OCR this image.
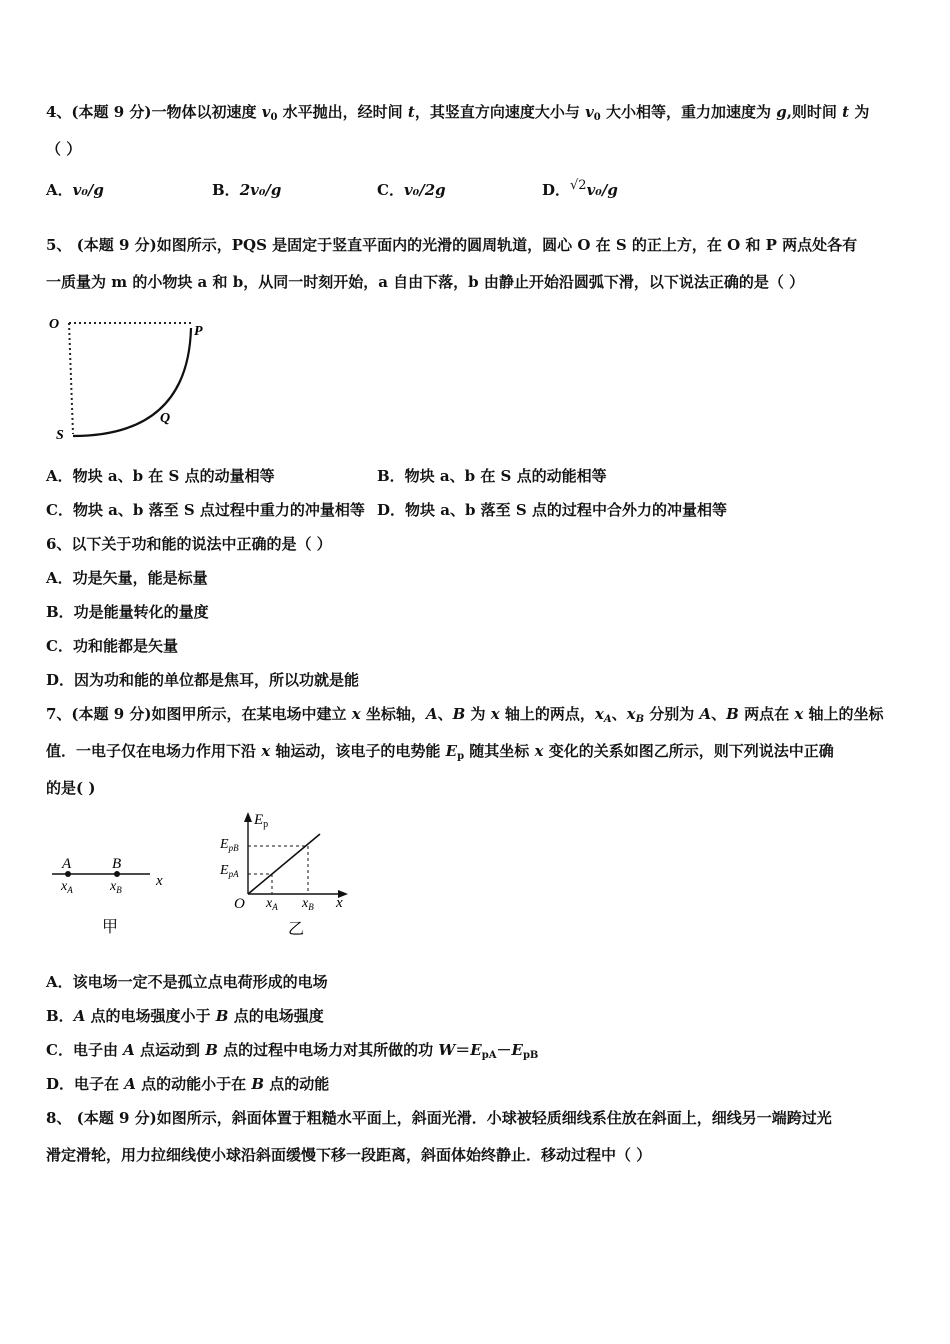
4、(本题 9 分)一物体以初速度 $v_0$ 水平抛出，经时间 t，其竖直方向速度大小与 $v_0$ 大小相等，重力加速度为 g,则时间 t 为
（ ）
A．v₀/g	B．2v₀/g	C．v₀/2g	D．√2v₀/g
5、 (本题 9 分)如图所示，PQS 是固定于竖直平面内的光滑的圆周轨道，圆心 O 在 S 的正上方，在 O 和 P 两点处各有
一质量为 m 的小物块 a 和 b，从同一时刻开始，a 自由下落，b 由静止开始沿圆弧下滑，以下说法正确的是（ ）
O	P
Q
S
A．物块 a、b 在 S 点的动量相等	B．物块 a、b 在 S 点的动能相等
C．物块 a、b 落至 S 点过程中重力的冲量相等 D．物块 a、b 落至 S 点的过程中合外力的冲量相等
6、以下关于功和能的说法中正确的是（ ）
A．功是矢量，能是标量
B．功是能量转化的量度
C．功和能都是矢量
D．因为功和能的单位都是焦耳，所以功就是能
7、(本题 9 分)如图甲所示，在某电场中建立 x 坐标轴，A、B 为 x 轴上的两点，$x_A$、$x_B$ 分别为 A、B 两点在 x 轴上的坐标
值．一电子仅在电场力作用下沿 x 轴运动，该电子的电势能 $E_p$ 随其坐标 x 变化的关系如图乙所示，则下列说法中正确
的是( )
A	B
$x_A$	$x_B$
x
甲
$E_p$
$E_{pB}$
$E_{pA}$
O $x_A$ $x_B$ x
乙
A．该电场一定不是孤立点电荷形成的电场
B．A 点的电场强度小于 B 点的电场强度
C．电子由 A 点运动到 B 点的过程中电场力对其所做的功 $W=E_{pA}-E_{pB}$
D．电子在 A 点的动能小于在 B 点的动能
8、 (本题 9 分)如图所示，斜面体置于粗糙水平面上，斜面光滑．小球被轻质细线系住放在斜面上，细线另一端跨过光
滑定滑轮，用力拉细线使小球沿斜面缓慢下移一段距离，斜面体始终静止．移动过程中（ ）
